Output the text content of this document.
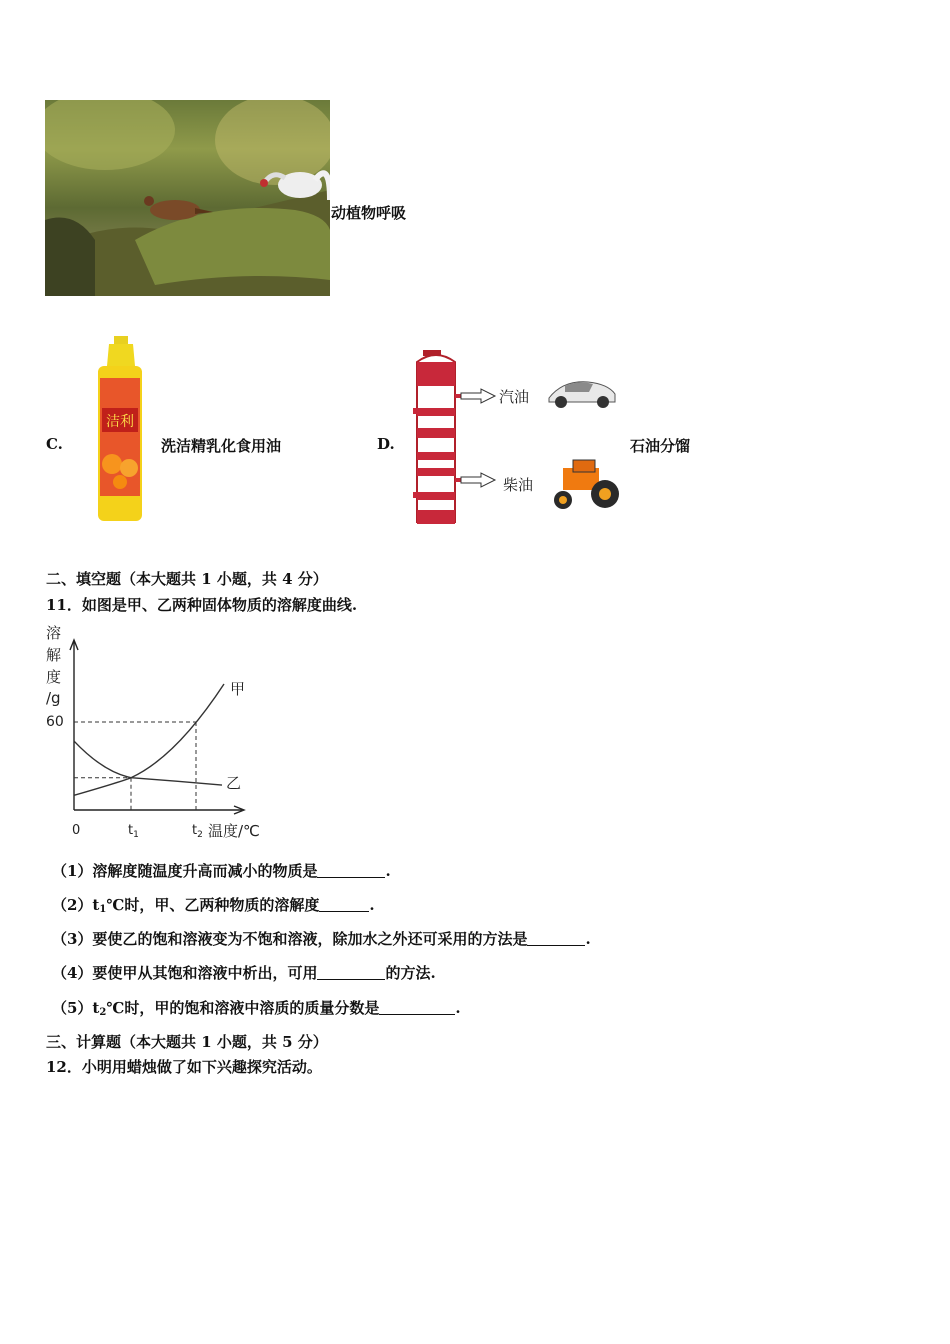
动植物呼吸
C.
洁利
洗洁精乳化食用油	D.
汽油
柴油
石油分馏
二、填空题（本大题共 1 小题，共 4 分）
11．如图是甲、乙两种固体物质的溶解度曲线.
溶
解
度
/g
60
0	$t_1$	$t_2$ 温度/℃
甲
乙
（1）溶解度随温度升高而减小的物质是	.
$(2)t_1℃$时，甲、乙两种物质的溶解度	.
（3）要使乙的饱和溶液变为不饱和溶液，除加水之外还可采用的方法是	.
（4）要使甲从其饱和溶液中析出，可用	的方法.
$(5)t_2℃$时，甲的饱和溶液中溶质的质量分数是	.
三、计算题（本大题共 1 小题，共 5 分）
12．小明用蜡烛做了如下兴趣探究活动。
